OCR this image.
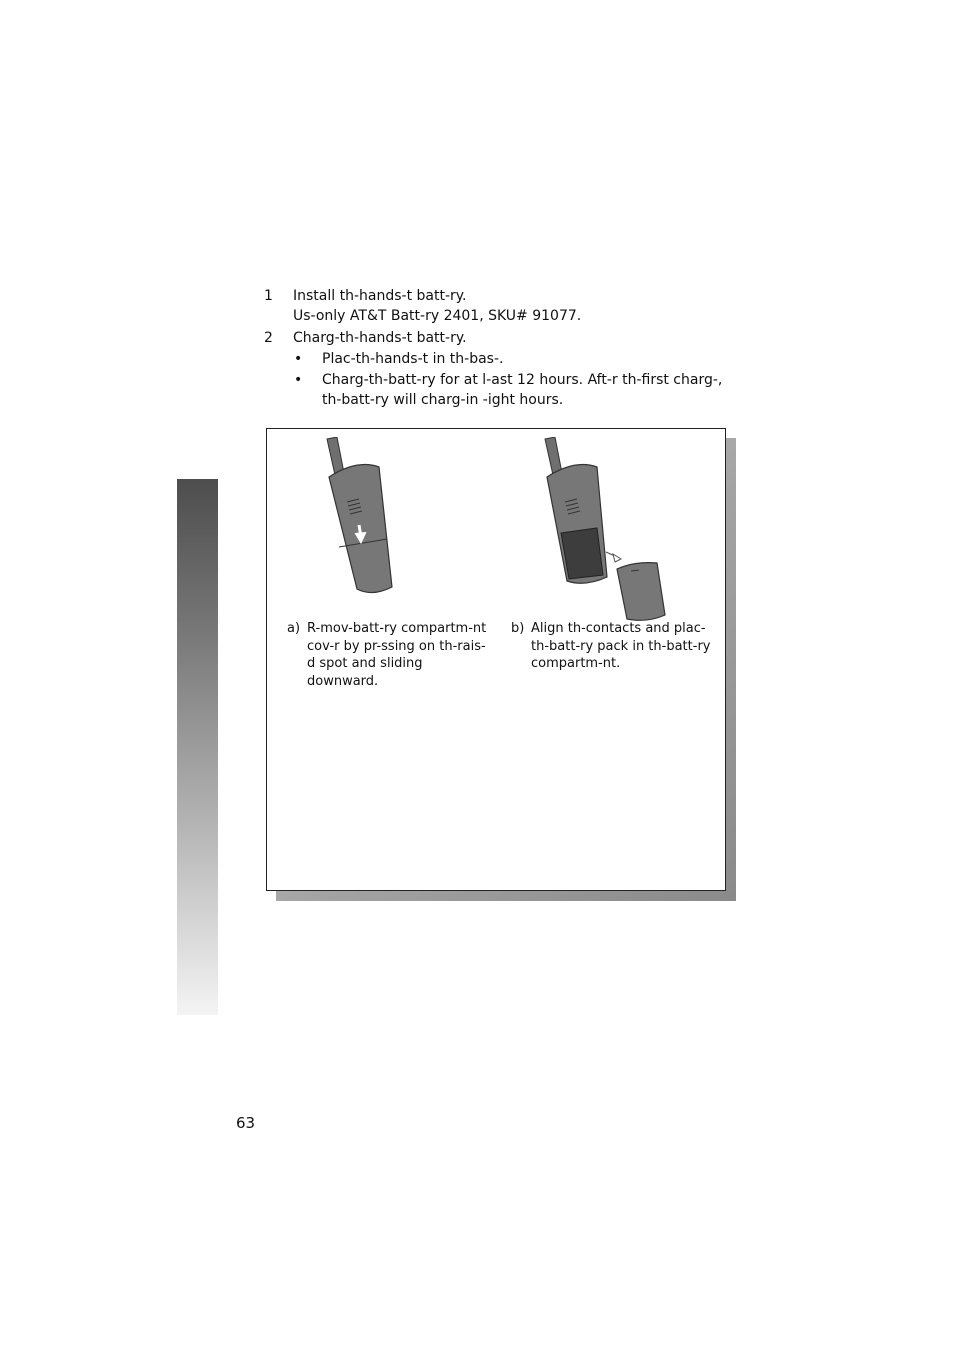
1 Install th-hands-t batt-ry.
Us-only AT&T Batt-ry 2401, SKU# 91077.
2 Charg-th-hands-t batt-ry.
• Plac-th-hands-t in th-bas-.
• Charg-th-batt-ry for at l-ast 12 hours. Aft-r th-first charg-, th-batt-ry will charg-in -ight hours.
a) R-mov-batt-ry compartm-nt cov-r by pr-ssing on th-rais-d spot and sliding downward.
b) Align th-contacts and plac-th-batt-ry pack in th-batt-ry compartm-nt.
63
